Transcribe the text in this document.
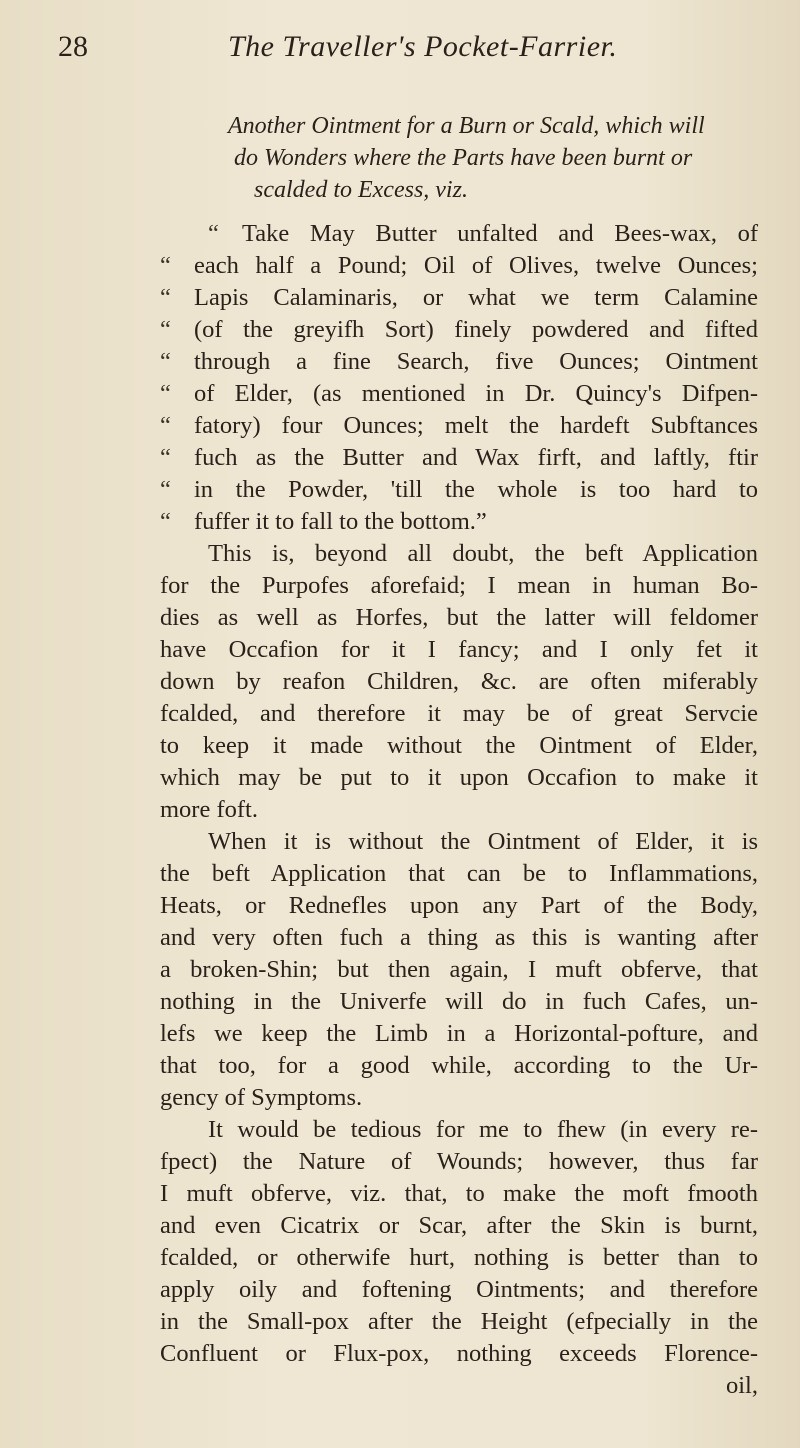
28	The Traveller's Pocket-Farrier.
Another Ointment for a Burn or Scald, which will
do Wonders where the Parts have been burnt or
scalded to Excess, viz.
“ Take May Butter unfalted and Bees-wax, of
“ each half a Pound; Oil of Olives, twelve Ounces;
“ Lapis Calaminaris, or what we term Calamine
“ (of the greyifh Sort) finely powdered and fifted
“ through a fine Search, five Ounces; Ointment
“ of Elder, (as mentioned in Dr. Quincy's Difpen-
“ fatory) four Ounces; melt the hardeft Subftances
“ fuch as the Butter and Wax firft, and laftly, ftir
“ in the Powder, 'till the whole is too hard to
“ fuffer it to fall to the bottom.”
This is, beyond all doubt, the beft Application
for the Purpofes aforefaid; I mean in human Bo-
dies as well as Horfes, but the latter will feldomer
have Occafion for it I fancy; and I only fet it
down by reafon Children, &c. are often miferably
fcalded, and therefore it may be of great Servcie
to keep it made without the Ointment of Elder,
which may be put to it upon Occafion to make it
more foft.
When it is without the Ointment of Elder, it is
the beft Application that can be to Inflammations,
Heats, or Rednefles upon any Part of the Body,
and very often fuch a thing as this is wanting after
a broken-Shin; but then again, I muft obferve, that
nothing in the Univerfe will do in fuch Cafes, un-
lefs we keep the Limb in a Horizontal-pofture, and
that too, for a good while, according to the Ur-
gency of Symptoms.
It would be tedious for me to fhew (in every re-
fpect) the Nature of Wounds; however, thus far
I muft obferve, viz. that, to make the moft fmooth
and even Cicatrix or Scar, after the Skin is burnt,
fcalded, or otherwife hurt, nothing is better than to
apply oily and foftening Ointments; and therefore
in the Small-pox after the Height (efpecially in the
Confluent or Flux-pox, nothing exceeds Florence-
oil,
